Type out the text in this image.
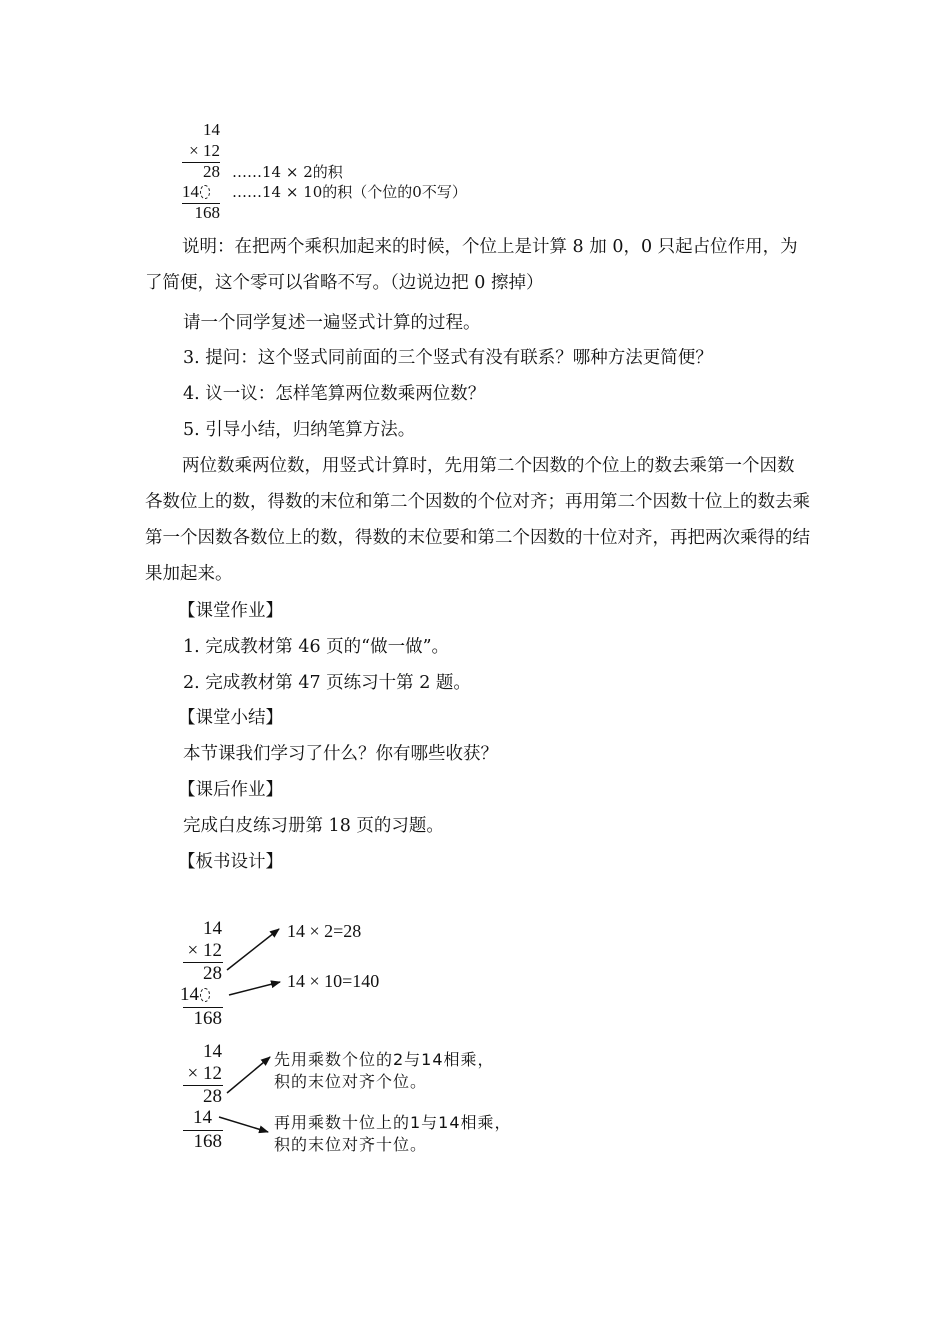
14
× 12
28
14
168
……14 × 2的积
……14 × 10的积（个位的0不写）
说明：在把两个乘积加起来的时候，个位上是计算 8 加 0，0 只起占位作用，为了简便，这个零可以省略不写。（边说边把 0 擦掉）
请一个同学复述一遍竖式计算的过程。
3. 提问：这个竖式同前面的三个竖式有没有联系？哪种方法更简便？
4. 议一议：怎样笔算两位数乘两位数？
5. 引导小结，归纳笔算方法。
两位数乘两位数，用竖式计算时，先用第二个因数的个位上的数去乘第一个因数各数位上的数，得数的末位和第二个因数的个位对齐；再用第二个因数十位上的数去乘第一个因数各数位上的数，得数的末位要和第二个因数的十位对齐，再把两次乘得的结果加起来。
【课堂作业】
1. 完成教材第 46 页的“做一做”。
2. 完成教材第 47 页练习十第 2 题。
【课堂小结】
本节课我们学习了什么？你有哪些收获？
【课后作业】
完成白皮练习册第 18 页的习题。
【板书设计】
14
× 12
28
14
168
14 × 2=28
14 × 10=140
14
× 12
28
14
168
先用乘数个位的2与14相乘，
积的末位对齐个位。
再用乘数十位上的1与14相乘，
积的末位对齐十位。
